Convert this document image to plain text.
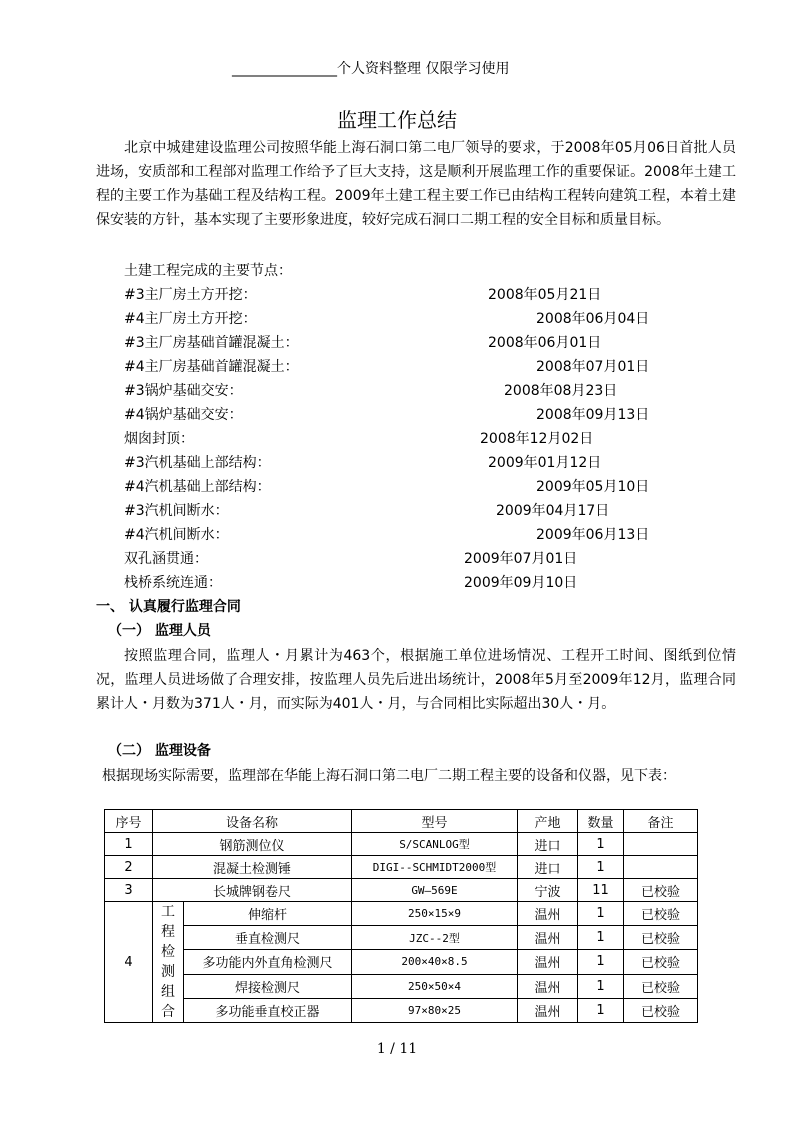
_______________个人资料整理 仅限学习使用
监理工作总结
北京中城建建设监理公司按照华能上海石洞口第二电厂领导的要求，于2008年05月06日首批人员进场，安质部和工程部对监理工作给予了巨大支持，这是顺利开展监理工作的重要保证。2008年土建工程的主要工作为基础工程及结构工程。2009年土建工程主要工作已由结构工程转向建筑工程，本着土建保安装的方针，基本实现了主要形象进度，较好完成石洞口二期工程的安全目标和质量目标。
土建工程完成的主要节点：
#3主厂房土方开挖：	2008年05月21日
#4主厂房土方开挖：	2008年06月04日
#3主厂房基础首罐混凝土：	2008年06月01日
#4主厂房基础首罐混凝土：	2008年07月01日
#3锅炉基础交安：	2008年08月23日
#4锅炉基础交安：	2008年09月13日
烟囱封顶：	2008年12月02日
#3汽机基础上部结构：	2009年01月12日
#4汽机基础上部结构：	2009年05月10日
#3汽机间断水：	2009年04月17日
#4汽机间断水：	2009年06月13日
双孔涵贯通：	2009年07月01日
栈桥系统连通：	2009年09月10日
一、 认真履行监理合同
（一） 监理人员
按照监理合同，监理人・月累计为463个，根据施工单位进场情况、工程开工时间、图纸到位情况，监理人员进场做了合理安排，按监理人员先后进出场统计，2008年5月至2009年12月，监理合同累计人・月数为371人・月，而实际为401人・月，与合同相比实际超出30人・月。
（二） 监理设备
根据现场实际需要，监理部在华能上海石洞口第二电厂二期工程主要的设备和仪器，见下表：
序号	设备名称		型号	产地	数量	备注
1	钢筋测位仪		S/SCANLOG型	进口	1	
2	混凝土检测锤		DIGI--SCHMIDT2000型	进口	1	
3	长城牌钢卷尺		GW—569E	宁波	11	已校验
4	工程检测组合	伸缩杆	250×15×9	温州	1	已校验
		垂直检测尺	JZC--2型	温州	1	已校验
		多功能内外直角检测尺	200×40×8.5	温州	1	已校验
		焊接检测尺	250×50×4	温州	1	已校验
		多功能垂直校正器	97×80×25	温州	1	已校验
1 / 11
